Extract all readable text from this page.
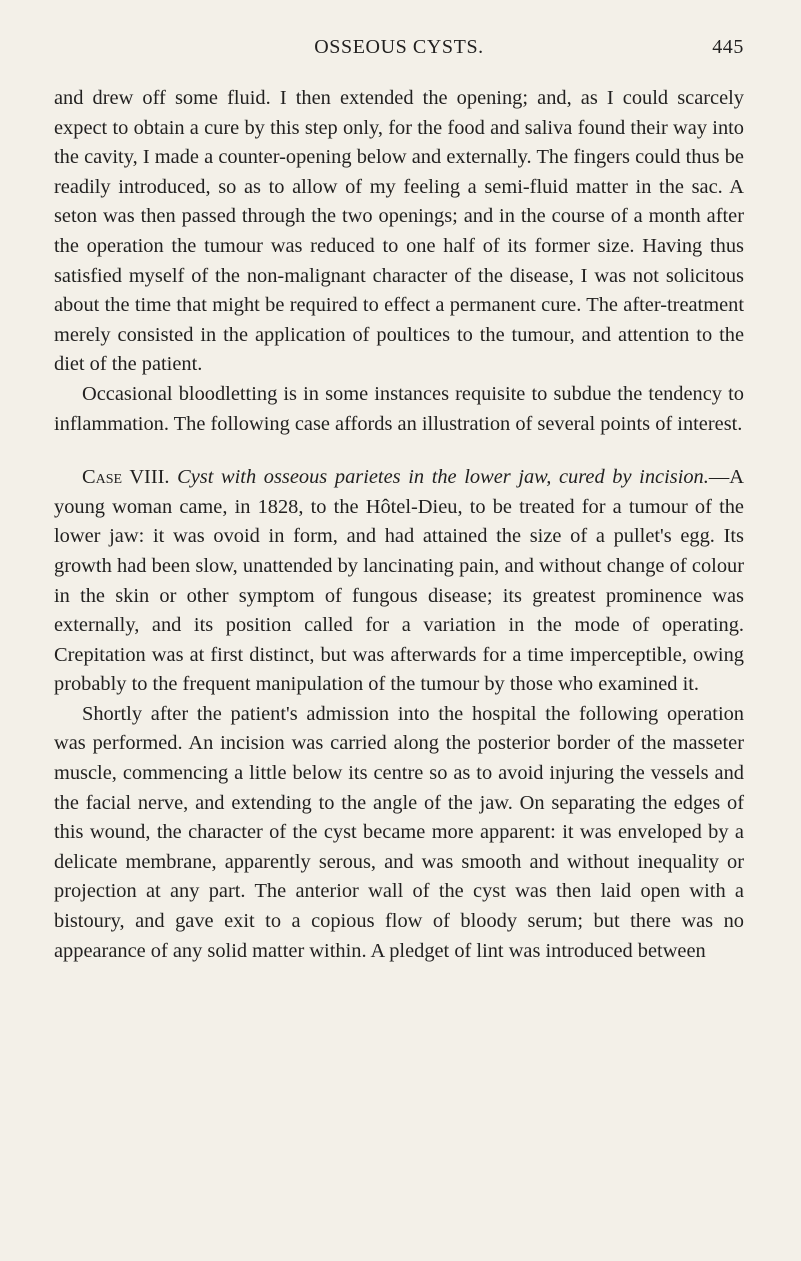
OSSEOUS CYSTS.	445

and drew off some fluid. I then extended the opening; and, as I could scarcely expect to obtain a cure by this step only, for the food and saliva found their way into the cavity, I made a counter-opening below and externally. The fingers could thus be readily introduced, so as to allow of my feeling a semi-fluid matter in the sac. A seton was then passed through the two openings; and in the course of a month after the operation the tumour was reduced to one half of its former size. Having thus satisfied myself of the non-malignant character of the disease, I was not solicitous about the time that might be required to effect a permanent cure. The after-treatment merely consisted in the application of poultices to the tumour, and attention to the diet of the patient.

Occasional bloodletting is in some instances requisite to subdue the tendency to inflammation. The following case affords an illustration of several points of interest.

Case VIII. Cyst with osseous parietes in the lower jaw, cured by incision.—A young woman came, in 1828, to the Hôtel-Dieu, to be treated for a tumour of the lower jaw: it was ovoid in form, and had attained the size of a pullet's egg. Its growth had been slow, unattended by lancinating pain, and without change of colour in the skin or other symptom of fungous disease; its greatest prominence was externally, and its position called for a variation in the mode of operating. Crepitation was at first distinct, but was afterwards for a time imperceptible, owing probably to the frequent manipulation of the tumour by those who examined it.

Shortly after the patient's admission into the hospital the following operation was performed. An incision was carried along the posterior border of the masseter muscle, commencing a little below its centre so as to avoid injuring the vessels and the facial nerve, and extending to the angle of the jaw. On separating the edges of this wound, the character of the cyst became more apparent: it was enveloped by a delicate membrane, apparently serous, and was smooth and without inequality or projection at any part. The anterior wall of the cyst was then laid open with a bistoury, and gave exit to a copious flow of bloody serum; but there was no appearance of any solid matter within. A pledget of lint was introduced between
